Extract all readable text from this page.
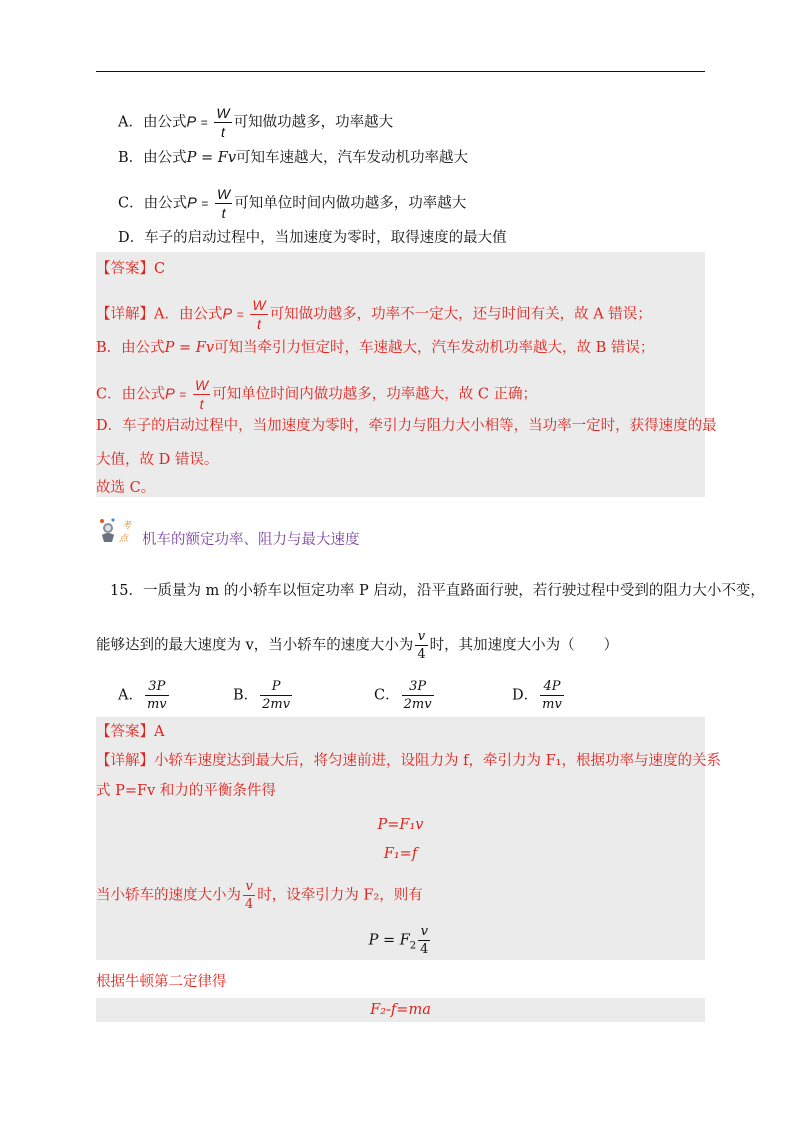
A．由公式$P = \frac{W}{t}$ 可知做功越多，功率越大
B．由公式P = Fv可知车速越大，汽车发动机功率越大
C．由公式$P = \frac{W}{t}$ 可知单位时间内做功越多，功率越大
D．车子的启动过程中，当加速度为零时，取得速度的最大值
【答案】C
【详解】A．由公式$P = \frac{W}{t}$ 可知做功越多，功率不一定大，还与时间有关，故 A 错误；
B．由公式P = Fv可知当牵引力恒定时，车速越大，汽车发动机功率越大，故 B 错误；
C．由公式$P = \frac{W}{t}$ 可知单位时间内做功越多，功率越大，故 C 正确；
D．车子的启动过程中，当加速度为零时，牵引力与阻力大小相等，当功率一定时，获得速度的最
大值，故 D 错误。
故选 C。
考
点 机车的额定功率、阻力与最大速度
15．一质量为 m 的小轿车以恒定功率 P 启动，沿平直路面行驶，若行驶过程中受到的阻力大小不变，
能够达到的最大速度为 v，当小轿车的速度大小为 $\frac{v}{4}$ 时，其加速度大小为（　　）
A． $\frac{3P}{mv}$	B． $\frac{P}{2mv}$	C． $\frac{3P}{2mv}$	D． $\frac{4P}{mv}$
【答案】A
【详解】小轿车速度达到最大后，将匀速前进，设阻力为 f，牵引力为 F₁，根据功率与速度的关系
式 P=Fv 和力的平衡条件得
P=F₁v
F₁=f
当小轿车的速度大小为 $\frac{v}{4}$ 时，设牵引力为 F₂，则有
$P = F_2 \frac{v}{4}$
根据牛顿第二定律得
F₂-f=ma
